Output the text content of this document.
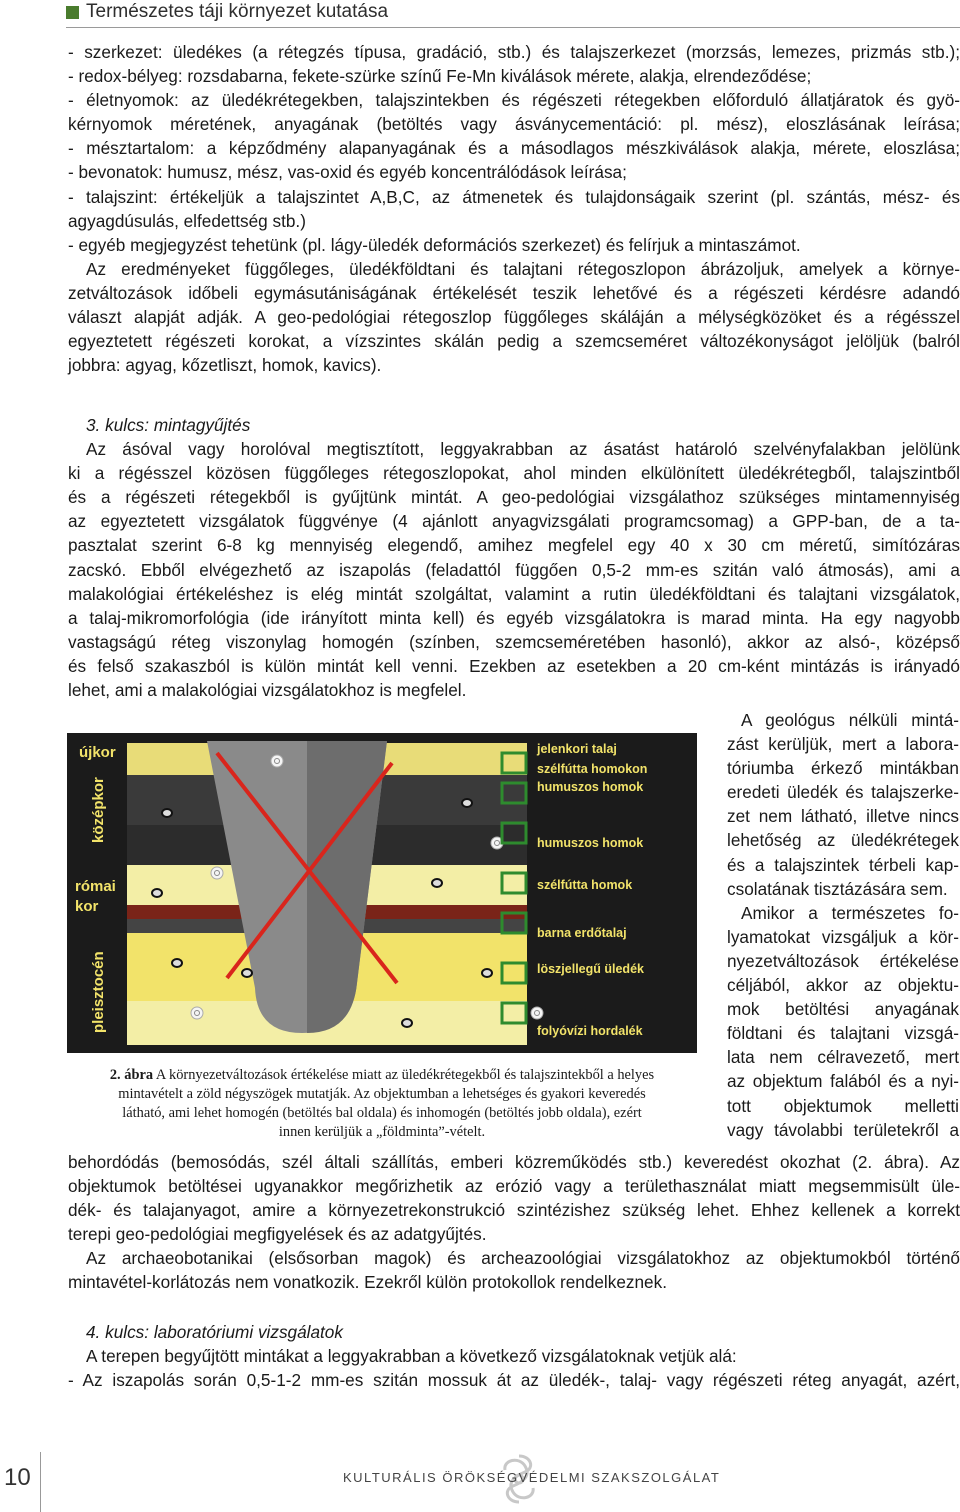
Természetes táji környezet kutatása
- szerkezet: üledékes (a rétegzés típusa, gradáció, stb.) és talajszerkezet (morzsás, lemezes, prizmás stb.);
- redox-bélyeg: rozsdabarna, fekete-szürke színű Fe-Mn kiválások mérete, alakja, elrendeződése;
- életnyomok: az üledékrétegekben, talajszintekben és régészeti rétegekben előforduló állatjáratok és gyö-
kérnyomok méretének, anyagának (betöltés vagy ásványcementáció: pl. mész), eloszlásának leírása;
- mésztartalom: a képződmény alapanyagának és a másodlagos mészkiválások alakja, mérete, eloszlása;
- bevonatok: humusz, mész, vas-oxid és egyéb koncentrálódások leírása;
- talajszint: értékeljük a talajszintet A,B,C, az átmenetek és tulajdonságaik szerint (pl. szántás, mész- és
agyagdúsulás, elfedettség stb.)
- egyéb megjegyzést tehetünk (pl. lágy-üledék deformációs szerkezet) és felírjuk a mintaszámot.
Az eredményeket függőleges, üledékföldtani és talajtani rétegoszlopon ábrázoljuk, amelyek a környe-
zetváltozások időbeli egymásutániságának értékelését teszik lehetővé és a régészeti kérdésre adandó
választ alapját adják. A geo-pedológiai rétegoszlop függőleges skáláján a mélységközöket és a régésszel
egyeztetett régészeti korokat, a vízszintes skálán pedig a szemcseméret változékonyságot jelöljük (balról
jobbra: agyag, kőzetliszt, homok, kavics).
3. kulcs: mintagyűjtés
Az ásóval vagy horolóval megtisztított, leggyakrabban az ásatást határoló szelvényfalakban jelölünk
ki a régésszel közösen függőleges rétegoszlopokat, ahol minden elkülönített üledékrétegből, talajszintből
és a régészeti rétegekből is gyűjtünk mintát. A geo-pedológiai vizsgálathoz szükséges mintamennyiség
az egyeztetett vizsgálatok függvénye (4 ajánlott anyagvizsgálati programcsomag) a GPP-ban, de a ta-
pasztalat szerint 6-8 kg mennyiség elegendő, amihez megfelel egy 40 x 30 cm méretű, simítózáras
zacskó. Ebből elvégezhető az iszapolás (feladattól függően 0,5-2 mm-es szitán való átmosás), ami a
malakológiai értékeléshez is elég mintát szolgáltat, valamint a rutin üledékföldtani és talajtani vizsgálatok,
a talaj-mikromorfológia (ide irányított minta kell) és egyéb vizsgálatokra is marad minta. Ha egy nagyobb
vastagságú réteg viszonylag homogén (színben, szemcseméretében hasonló), akkor az alsó-, középső
és felső szakaszból is külön mintát kell venni. Ezekben az esetekben a 20 cm-ként mintázás is irányadó
lehet, ami a malakológiai vizsgálatokhoz is megfelel.
A geológus nélküli mintá-
zást kerüljük, mert a labora-
tóriumba érkező mintákban
eredeti üledék és talajszerke-
zet nem látható, illetve nincs
lehetőség az üledékrétegek
és a talajszintek térbeli kap-
csolatának tisztázására sem.
Amikor a természetes fo-
lyamatokat vizsgáljuk a kör-
nyezetváltozások értékelése
céljából, akkor az objektu-
mok betöltési anyagának
földtani és talajtani vizsgá-
lata nem célravezető, mert
az objektum falából és a nyi-
tott objektumok melletti
vagy távolabbi területekről a
újkor
középkor
római
kor
pleisztocén
jelenkori talaj
szélfútta homokon
humuszos homok
humuszos homok
szélfútta homok
barna erdőtalaj
löszjellegű üledék
folyóvízi hordalék
2. ábra A környezetváltozások értékelése miatt az üledékrétegekből és talajszintekből a helyes
mintavételt a zöld négyszögek mutatják. Az objektumban a lehetséges és gyakori keveredés
látható, ami lehet homogén (betöltés bal oldala) és inhomogén (betöltés jobb oldala), ezért
innen kerüljük a „földminta”-vételt.
behordódás (bemosódás, szél általi szállítás, emberi közreműködés stb.) keveredést okozhat (2. ábra). Az
objektumok betöltései ugyanakkor megőrizhetik az erózió vagy a területhasználat miatt megsemmisült üle-
dék- és talajanyagot, amire a környezetrekonstrukció szintézishez szükség lehet. Ehhez kellenek a korrekt
terepi geo-pedológiai megfigyelések és az adatgyűjtés.
Az archaeobotanikai (elsősorban magok) és archeazoológiai vizsgálatokhoz az objektumokból történő
mintavétel-korlátozás nem vonatkozik. Ezekről külön protokollok rendelkeznek.
4. kulcs: laboratóriumi vizsgálatok
A terepen begyűjtött mintákat a leggyakrabban a következő vizsgálatoknak vetjük alá:
- Az iszapolás során 0,5-1-2 mm-es szitán mossuk át az üledék-, talaj- vagy régészeti réteg anyagát, azért,
10	KULTURÁLIS ÖRÖKSÉGVÉDELMI SZAKSZOLGÁLAT
